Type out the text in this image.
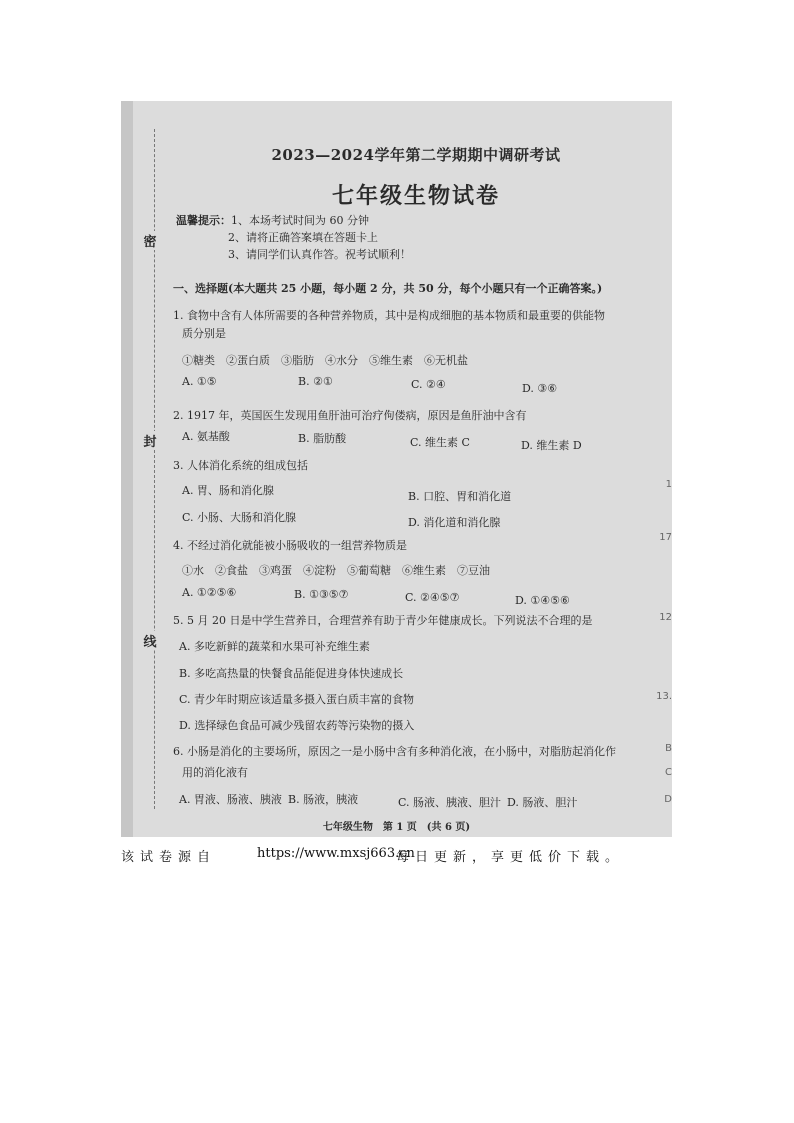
密
封
线
2023—2024学年第二学期期中调研考试
七年级生物试卷
温馨提示：1、本场考试时间为 60 分钟
2、请将正确答案填在答题卡上
3、请同学们认真作答。祝考试顺利！
一、选择题(本大题共 25 小题，每小题 2 分，共 50 分，每个小题只有一个正确答案。)
1. 食物中含有人体所需要的各种营养物质，其中是构成细胞的基本物质和最重要的供能物
质分别是
①糖类　②蛋白质　③脂肪　④水分　⑤维生素　⑥无机盐
A. ①⑤	B. ②①	C. ②④	D. ③⑥
2. 1917 年，英国医生发现用鱼肝油可治疗佝偻病，原因是鱼肝油中含有
A. 氨基酸	B. 脂肪酸	C. 维生素 C	D. 维生素 D
3. 人体消化系统的组成包括
A. 胃、肠和消化腺	B. 口腔、胃和消化道
C. 小肠、大肠和消化腺	D. 消化道和消化腺
4. 不经过消化就能被小肠吸收的一组营养物质是
①水　②食盐　③鸡蛋　④淀粉　⑤葡萄糖　⑥维生素　⑦豆油
A. ①②⑤⑥	B. ①③⑤⑦	C. ②④⑤⑦	D. ①④⑤⑥
5. 5 月 20 日是中学生营养日，合理营养有助于青少年健康成长。下列说法不合理的是
A. 多吃新鲜的蔬菜和水果可补充维生素
B. 多吃高热量的快餐食品能促进身体快速成长
C. 青少年时期应该适量多摄入蛋白质丰富的食物
D. 选择绿色食品可减少残留农药等污染物的摄入
6. 小肠是消化的主要场所，原因之一是小肠中含有多种消化液，在小肠中，对脂肪起消化作
用的消化液有
A. 胃液、肠液、胰液 B. 肠液，胰液	C. 肠液、胰液、胆汁 D. 肠液、胆汁
1
17
12
13.
B
C
D
七年级生物　第 1 页　(共 6 页)
该试卷源自	https://www.mxsj663.cn
每日更新，享更低价下载。
